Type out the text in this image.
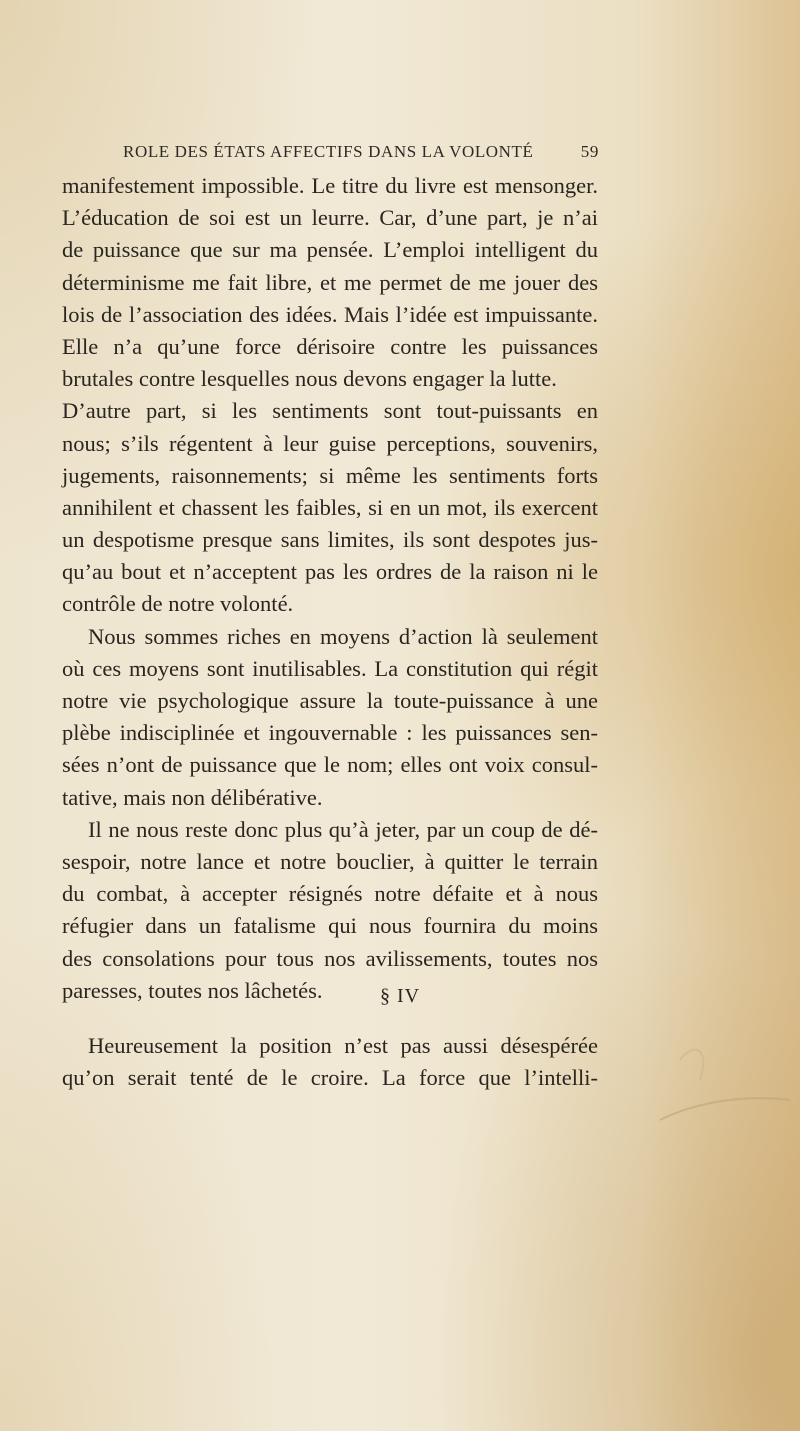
ROLE DES ÉTATS AFFECTIFS DANS LA VOLONTÉ	59
manifestement impossible. Le titre du livre est mensonger.
L’éducation de soi est un leurre. Car, d’une part, je n’ai
de puissance que sur ma pensée. L’emploi intelligent du
déterminisme me fait libre, et me permet de me jouer des
lois de l’association des idées. Mais l’idée est impuissante.
Elle n’a qu’une force dérisoire contre les puissances
brutales contre lesquelles nous devons engager la lutte.
D’autre part, si les sentiments sont tout-puissants en
nous; s’ils régentent à leur guise perceptions, souvenirs,
jugements, raisonnements; si même les sentiments forts
annihilent et chassent les faibles, si en un mot, ils exercent
un despotisme presque sans limites, ils sont despotes jus-
qu’au bout et n’acceptent pas les ordres de la raison ni le
contrôle de notre volonté.
Nous sommes riches en moyens d’action là seulement
où ces moyens sont inutilisables. La constitution qui régit
notre vie psychologique assure la toute-puissance à une
plèbe indisciplinée et ingouvernable : les puissances sen-
sées n’ont de puissance que le nom; elles ont voix consul-
tative, mais non délibérative.
Il ne nous reste donc plus qu’à jeter, par un coup de dé-
sespoir, notre lance et notre bouclier, à quitter le terrain
du combat, à accepter résignés notre défaite et à nous
réfugier dans un fatalisme qui nous fournira du moins
des consolations pour tous nos avilissements, toutes nos
paresses, toutes nos lâchetés.	§ IV
Heureusement la position n’est pas aussi désespérée
qu’on serait tenté de le croire. La force que l’intelli-
